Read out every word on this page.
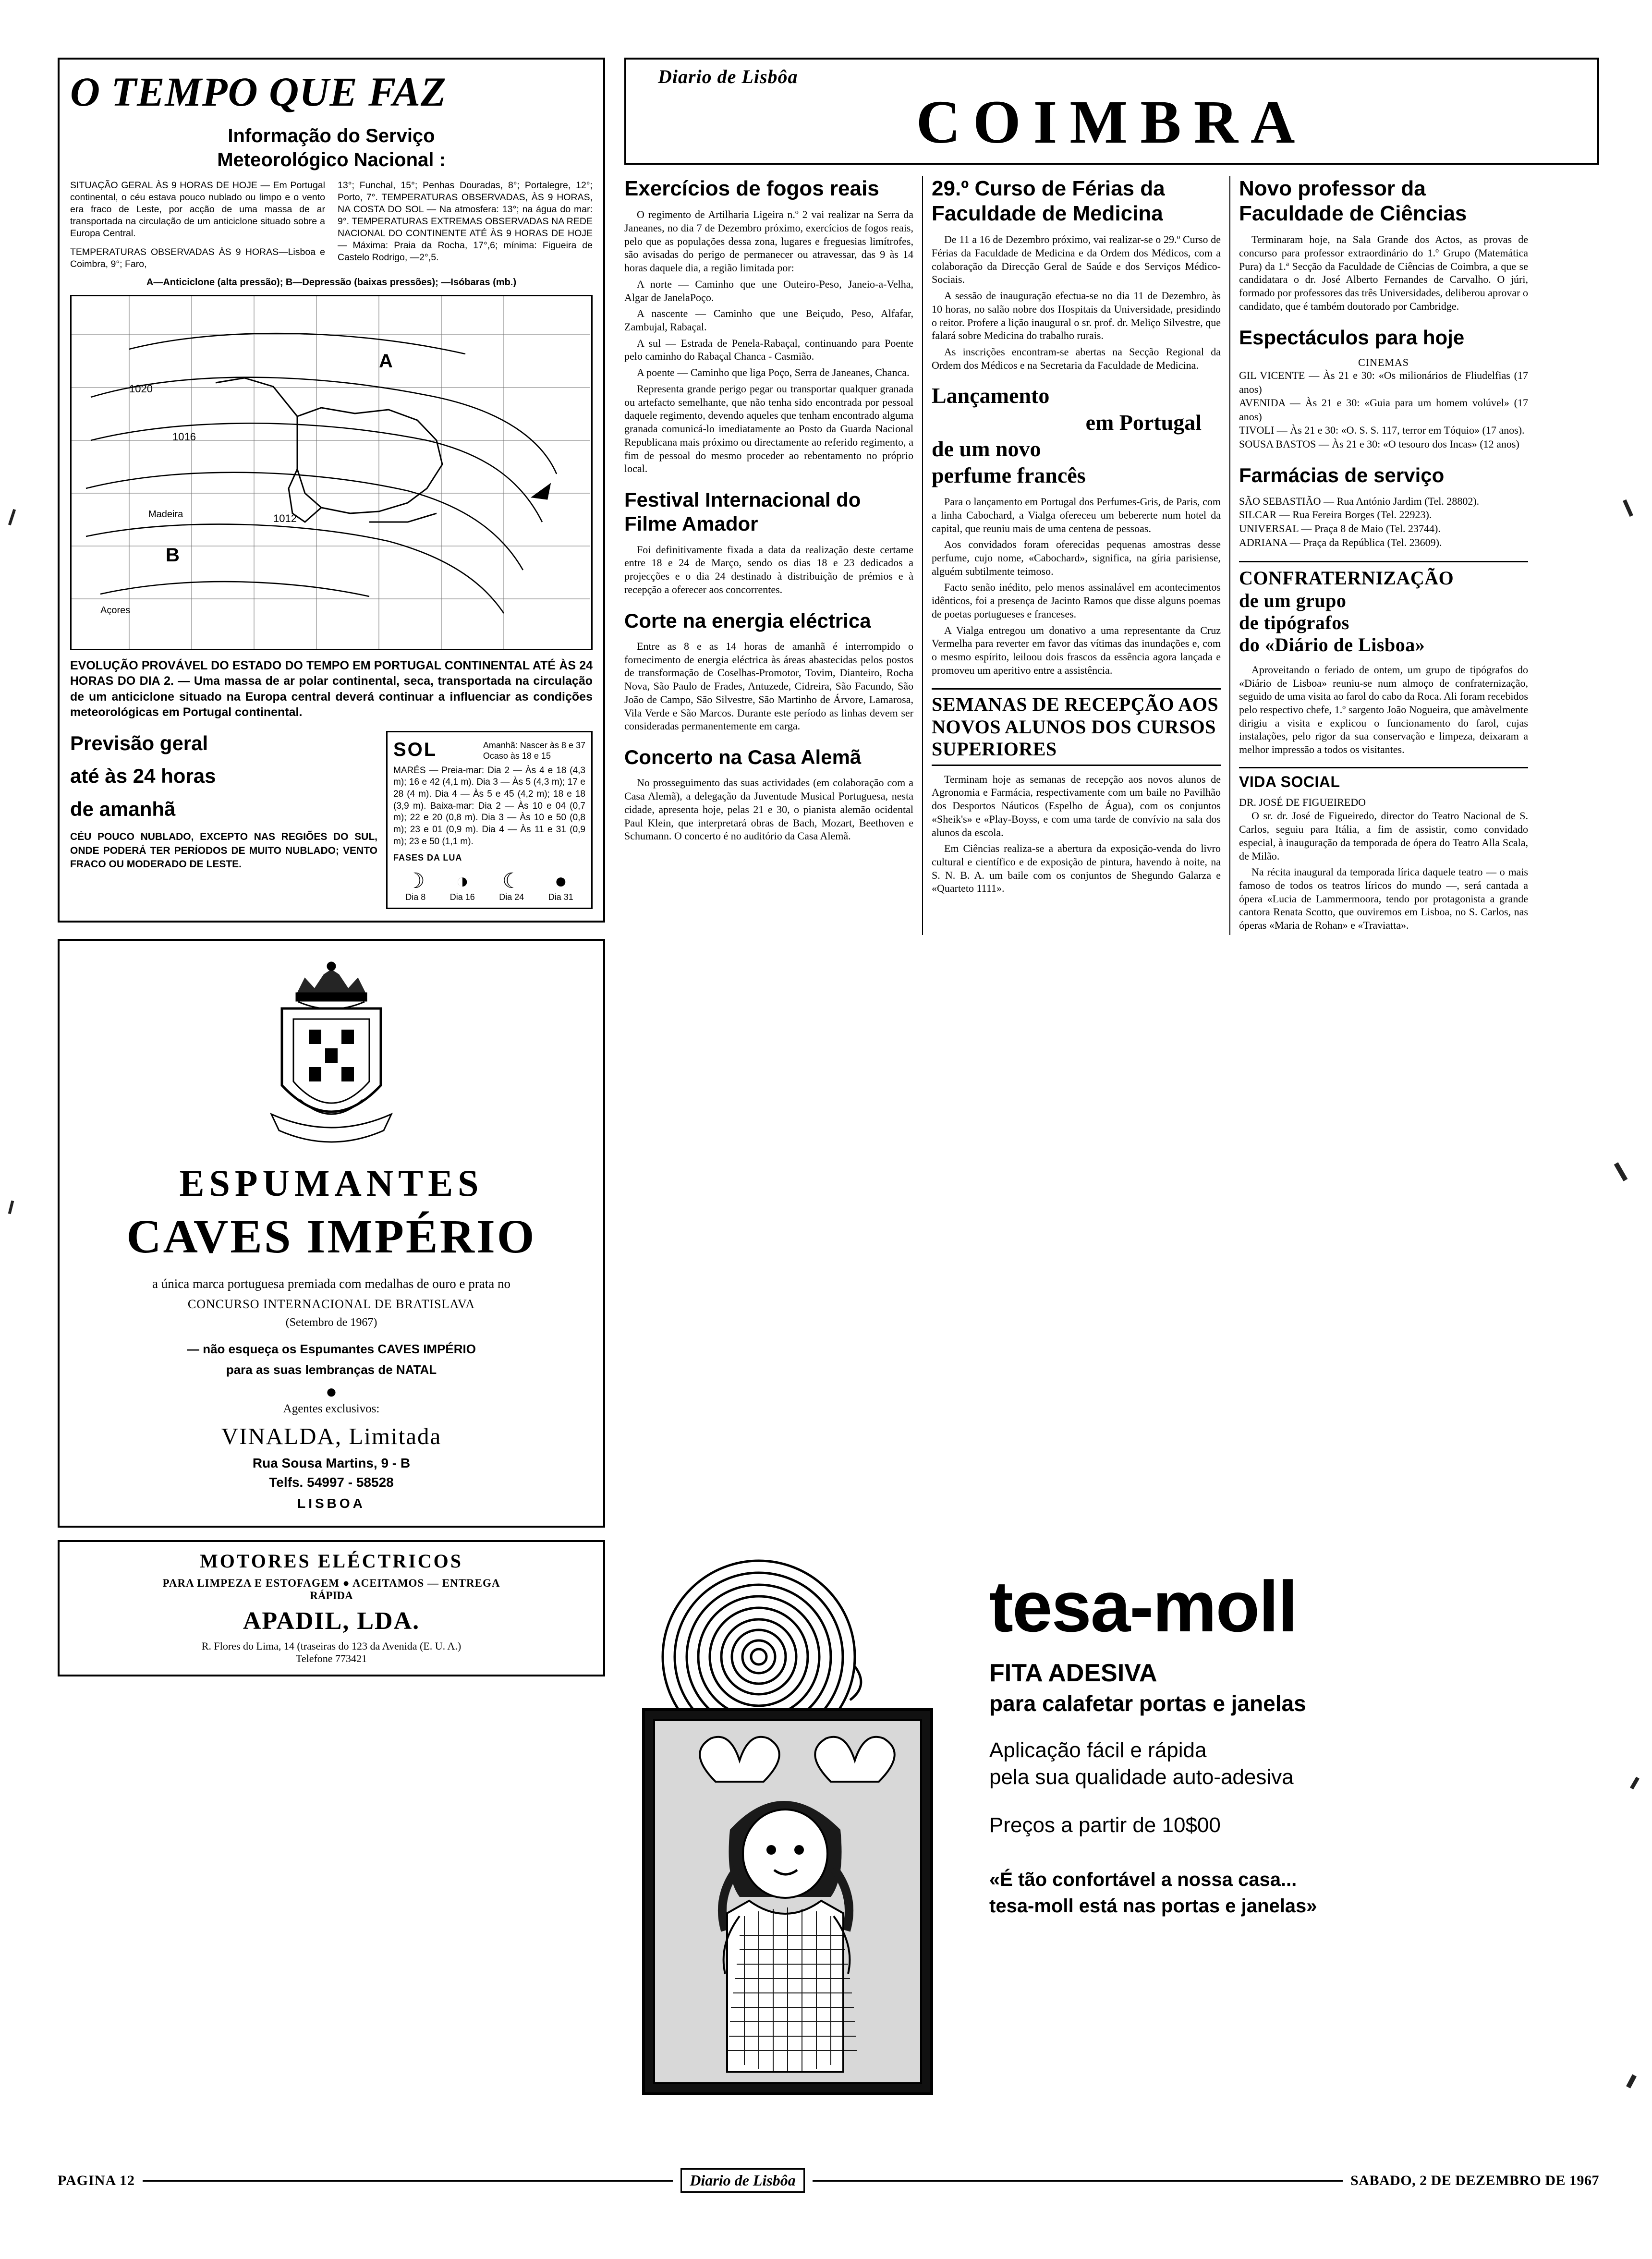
O TEMPO QUE FAZ
Informação do Serviço
Meteorológico Nacional :
SITUAÇÃO GERAL ÀS 9 HORAS DE HOJE — Em Portugal continental, o céu estava pouco nublado ou limpo e o vento era fraco de Leste, por acção de uma massa de ar transportada na circulação de um anticiclone situado sobre a Europa Central.
TEMPERATURAS OBSERVADAS ÀS 9 HORAS—Lisboa e Coimbra, 9°; Faro,
13°; Funchal, 15°; Penhas Douradas, 8°; Portalegre, 12°; Porto, 7°. TEMPERATURAS OBSERVADAS, ÀS 9 HORAS, NA COSTA DO SOL — Na atmosfera: 13°; na água do mar: 9°. TEMPERATURAS EXTREMAS OBSERVADAS NA REDE NACIONAL DO CONTINENTE ATÉ ÀS 9 HORAS DE HOJE — Máxima: Praia da Rocha, 17°,6; mínima: Figueira de Castelo Rodrigo, —2°,5.
A—Anticiclone (alta pressão); B—Depressão (baixas pressões); —Isóbaras (mb.)
A
B
1020
1016
1012
Madeira
Açores
EVOLUÇÃO PROVÁVEL DO ESTADO DO TEMPO EM PORTUGAL CONTINENTAL ATÉ ÀS 24 HORAS DO DIA 2. — Uma massa de ar polar continental, seca, transportada na circulação de um anticiclone situado na Europa central deverá continuar a influenciar as condições meteorológicas em Portugal continental.
Previsão geral
até às 24 horas
de amanhã
CÉU POUCO NUBLADO, EXCEPTO NAS REGIÕES DO SUL, ONDE PODERÁ TER PERÍODOS DE MUITO NUBLADO; VENTO FRACO OU MODERADO DE LESTE.
SOL	Amanhã: Nascer às 8 e 37
Ocaso às 18 e 15
MARÉS — Preia-mar: Dia 2 — Às 4 e 18 (4,3 m); 16 e 42 (4,1 m). Dia 3 — Às 5 (4,3 m); 17 e 28 (4 m). Dia 4 — Às 5 e 45 (4,2 m); 18 e 18 (3,9 m). Baixa-mar: Dia 2 — Às 10 e 04 (0,7 m); 22 e 20 (0,8 m). Dia 3 — Às 10 e 50 (0,8 m); 23 e 01 (0,9 m). Dia 4 — Às 11 e 31 (0,9 m); 23 e 50 (1,1 m).
FASES DA LUA
☽
Dia 8
◑
Dia 16
☾
Dia 24
●
Dia 31
ESPUMANTES
CAVES IMPÉRIO
a única marca portuguesa premiada com medalhas de ouro e prata no
CONCURSO INTERNACIONAL DE BRATISLAVA
(Setembro de 1967)
— não esqueça os Espumantes CAVES IMPÉRIO
para as suas lembranças de NATAL
●
Agentes exclusivos:
VINALDA, Limitada
Rua Sousa Martins, 9 - B
Telfs. 54997 - 58528
LISBOA
MOTORES ELÉCTRICOS
PARA LIMPEZA E ESTOFAGEM ● ACEITAMOS — ENTREGA
RÁPIDA
APADIL, LDA.
R. Flores do Lima, 14 (traseiras do 123 da Avenida (E. U. A.)
Telefone 773421
Diario de Lisbôa
COIMBRA
Exercícios de fogos reais

O regimento de Artilharia Ligeira n.º 2 vai realizar na Serra da Janeanes, no dia 7 de Dezembro próximo, exercícios de fogos reais, pelo que as populações dessa zona, lugares e freguesias limítrofes, são avisadas do perigo de permanecer ou atravessar, das 9 às 14 horas daquele dia, a região limitada por:

A norte — Caminho que une Outeiro-Peso, Janeio-a-Velha, Algar de JanelaPoço.

A nascente — Caminho que une Beiçudo, Peso, Alfafar, Zambujal, Rabaçal.

A sul — Estrada de Penela-Rabaçal, continuando para Poente pelo caminho do Rabaçal Chanca - Casmião.

A poente — Caminho que liga Poço, Serra de Janeanes, Chanca.

Representa grande perigo pegar ou transportar qualquer granada ou artefacto semelhante, que não tenha sido encontrada por pessoal daquele regimento, devendo aqueles que tenham encontrado alguma granada comunicá-lo imediatamente ao Posto da Guarda Nacional Republicana mais próximo ou directamente ao referido regimento, a fim de pessoal do mesmo proceder ao rebentamento no próprio local.

Festival Internacional do Filme Amador

Foi definitivamente fixada a data da realização deste certame entre 18 e 24 de Março, sendo os dias 18 e 23 dedicados a projecções e o dia 24 destinado à distribuição de prémios e à recepção a oferecer aos concorrentes.

Corte na energia eléctrica

Entre as 8 e as 14 horas de amanhã é interrompido o fornecimento de energia eléctrica às áreas abastecidas pelos postos de transformação de Coselhas-Promotor, Tovim, Dianteiro, Rocha Nova, São Paulo de Frades, Antuzede, Cidreira, São Facundo, São João de Campo, São Silvestre, São Martinho de Árvore, Lamarosa, Vila Verde e São Marcos. Durante este período as linhas devem ser consideradas permanentemente em carga.

Concerto na Casa Alemã

No prosseguimento das suas actividades (em colaboração com a Casa Alemã), a delegação da Juventude Musical Portuguesa, nesta cidade, apresenta hoje, pelas 21 e 30, o pianista alemão ocidental Paul Klein, que interpretará obras de Bach, Mozart, Beethoven e Schumann. O concerto é no auditório da Casa Alemã.

29.º Curso de Férias da Faculdade de Medicina

De 11 a 16 de Dezembro próximo, vai realizar-se o 29.º Curso de Férias da Faculdade de Medicina e da Ordem dos Médicos, com a colaboração da Direcção Geral de Saúde e dos Serviços Médico-Sociais.

A sessão de inauguração efectua-se no dia 11 de Dezembro, às 10 horas, no salão nobre dos Hospitais da Universidade, presidindo o reitor. Profere a lição inaugural o sr. prof. dr. Meliço Silvestre, que falará sobre Medicina do trabalho rurais.

As inscrições encontram-se abertas na Secção Regional da Ordem dos Médicos e na Secretaria da Faculdade de Medicina.

Lançamento
em Portugal
de um novo
perfume francês

Para o lançamento em Portugal dos Perfumes-Gris, de Paris, com a linha Cabochard, a Vialga ofereceu um bebererte num hotel da capital, que reuniu mais de uma centena de pessoas.

Aos convidados foram oferecidas pequenas amostras desse perfume, cujo nome, «Cabochard», significa, na gíria parisiense, alguém subtilmente teimoso.

Facto senão inédito, pelo menos assinalável em acontecimentos idênticos, foi a presença de Jacinto Ramos que disse alguns poemas de poetas portugueses e franceses.

A Vialga entregou um donativo a uma representante da Cruz Vermelha para reverter em favor das vítimas das inundações e, com o mesmo espírito, leiloou dois frascos da essência agora lançada e promoveu um aperitivo entre a assistência.

SEMANAS DE RECEPÇÃO AOS NOVOS ALUNOS DOS CURSOS SUPERIORES

Terminam hoje as semanas de recepção aos novos alunos de Agronomia e Farmácia, respectivamente com um baile no Pavilhão dos Desportos Náuticos (Espelho de Água), com os conjuntos «Sheik's» e «Play-Boyss, e com uma tarde de convívio na sala dos alunos da escola.

Em Ciências realiza-se a abertura da exposição-venda do livro cultural e científico e de exposição de pintura, havendo à noite, na S. N. B. A. um baile com os conjuntos de Shegundo Galarza e «Quarteto 1111».

Novo professor da Faculdade de Ciências

Terminaram hoje, na Sala Grande dos Actos, as provas de concurso para professor extraordinário do 1.º Grupo (Matemática Pura) da 1.ª Secção da Faculdade de Ciências de Coimbra, a que se candidatara o dr. José Alberto Fernandes de Carvalho. O júri, formado por professores das três Universidades, deliberou aprovar o candidato, que é também doutorado por Cambridge.

Espectáculos para hoje
CINEMAS
GIL VICENTE — Às 21 e 30: «Os milionários de Fliudelfias (17 anos)
AVENIDA — Às 21 e 30: «Guia para um homem volúvel» (17 anos)
TIVOLI — Às 21 e 30: «O. S. S. 117, terror em Tóquio» (17 anos).
SOUSA BASTOS — Às 21 e 30: «O tesouro dos Incas» (12 anos)
Farmácias de serviço
SÃO SEBASTIÃO — Rua António Jardim (Tel. 28802).
SILCAR — Rua Fereira Borges (Tel. 22923).
UNIVERSAL — Praça 8 de Maio (Tel. 23744).
ADRIANA — Praça da República (Tel. 23609).
CONFRATERNIZAÇÃO
de um grupo
de tipógrafos
do «Diário de Lisboa»

Aproveitando o feriado de ontem, um grupo de tipógrafos do «Diário de Lisboa» reuniu-se num almoço de confraternização, seguido de uma visita ao farol do cabo da Roca. Ali foram recebidos pelo respectivo chefe, 1.º sargento João Nogueira, que amàvelmente dirigiu a visita e explicou o funcionamento do farol, cujas instalações, pelo rigor da sua conservação e limpeza, deixaram a melhor impressão a todos os visitantes.

VIDA SOCIAL
DR. JOSÉ DE FIGUEIREDO

O sr. dr. José de Figueiredo, director do Teatro Nacional de S. Carlos, seguiu para Itália, a fim de assistir, como convidado especial, à inauguração da temporada de ópera do Teatro Alla Scala, de Milão.

Na récita inaugural da temporada lírica daquele teatro — o mais famoso de todos os teatros líricos do mundo —, será cantada a ópera «Lucia de Lammermoora, tendo por protagonista a grande cantora Renata Scotto, que ouviremos em Lisboa, no S. Carlos, nas óperas «Maria de Rohan» e «Traviatta».

tesa-moll
FITA ADESIVA
para calafetar portas e janelas
Aplicação fácil e rápida
pela sua qualidade auto-adesiva
Preços a partir de 10$00
«É tão confortável a nossa casa...
tesa-moll está nas portas e janelas»
PAGINA 12	Diario de Lisbôa	SABADO, 2 DE DEZEMBRO DE 1967
